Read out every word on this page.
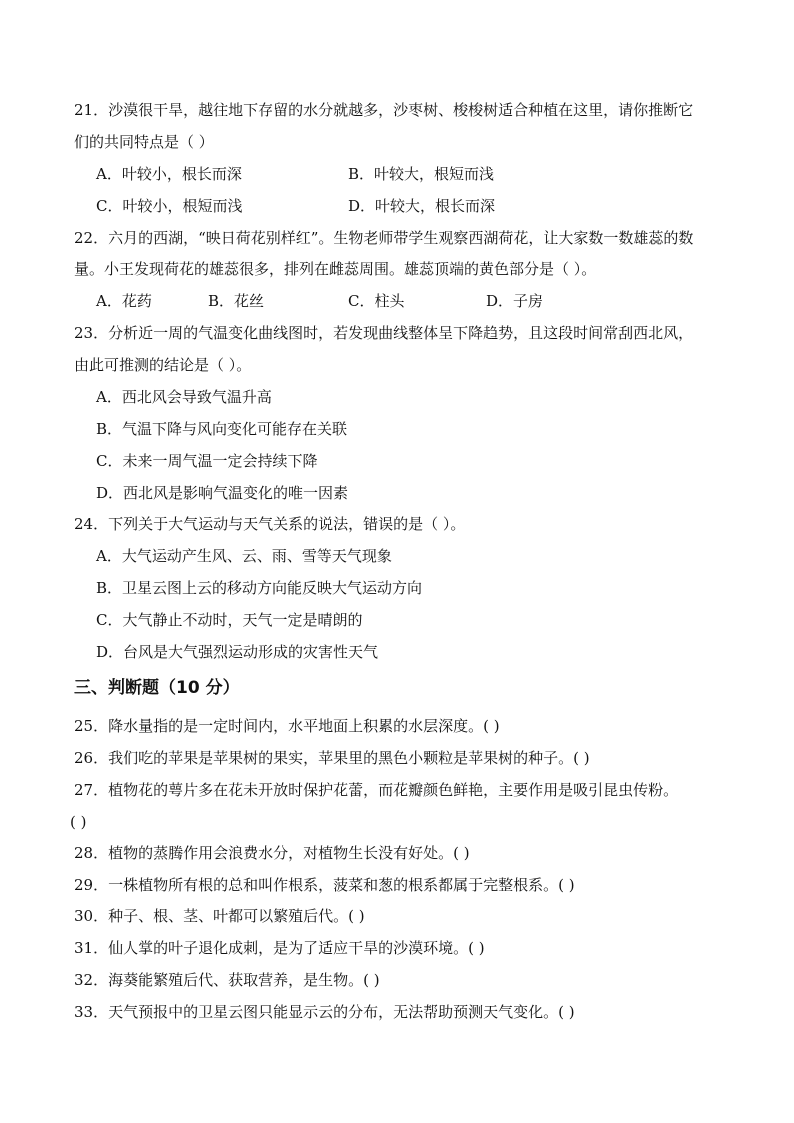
21．沙漠很干旱，越往地下存留的水分就越多，沙枣树、梭梭树适合种植在这里，请你推断它
们的共同特点是（ ）
A．叶较小，根长而深	B．叶较大，根短而浅
C．叶较小，根短而浅	D．叶较大，根长而深
22．六月的西湖，“映日荷花别样红”。生物老师带学生观察西湖荷花，让大家数一数雄蕊的数
量。小王发现荷花的雄蕊很多，排列在雌蕊周围。雄蕊顶端的黄色部分是（ ）。
A．花药	B．花丝	C．柱头	D．子房
23．分析近一周的气温变化曲线图时，若发现曲线整体呈下降趋势，且这段时间常刮西北风，
由此可推测的结论是（ ）。
A．西北风会导致气温升高
B．气温下降与风向变化可能存在关联
C．未来一周气温一定会持续下降
D．西北风是影响气温变化的唯一因素
24．下列关于大气运动与天气关系的说法，错误的是（ ）。
A．大气运动产生风、云、雨、雪等天气现象
B．卫星云图上云的移动方向能反映大气运动方向
C．大气静止不动时，天气一定是晴朗的
D．台风是大气强烈运动形成的灾害性天气
三、判断题（10 分）
25．降水量指的是一定时间内，水平地面上积累的水层深度。( )
26．我们吃的苹果是苹果树的果实，苹果里的黑色小颗粒是苹果树的种子。( )
27．植物花的萼片多在花未开放时保护花蕾，而花瓣颜色鲜艳，主要作用是吸引昆虫传粉。
( )
28．植物的蒸腾作用会浪费水分，对植物生长没有好处。( )
29．一株植物所有根的总和叫作根系，菠菜和葱的根系都属于完整根系。( )
30．种子、根、茎、叶都可以繁殖后代。( )
31．仙人掌的叶子退化成刺，是为了适应干旱的沙漠环境。( )
32．海葵能繁殖后代、获取营养，是生物。( )
33．天气预报中的卫星云图只能显示云的分布，无法帮助预测天气变化。( )
